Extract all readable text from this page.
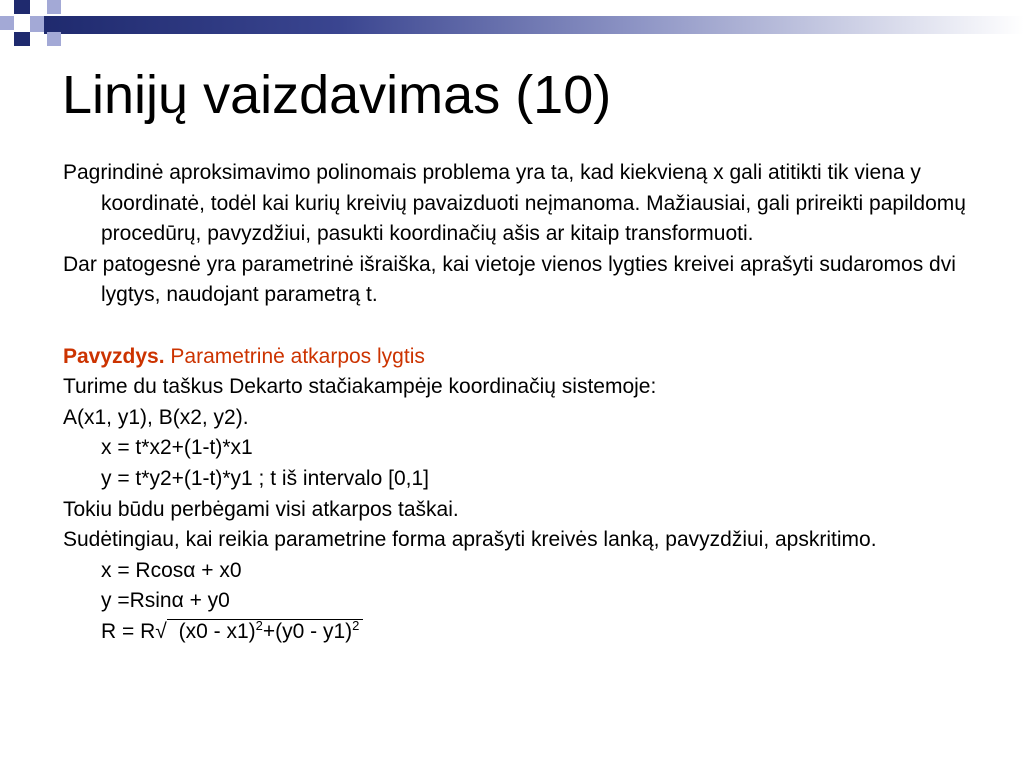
Linijų vaizdavimas (10)

Pagrindinė aproksimavimo polinomais problema yra ta, kad kiekvieną x gali atitikti tik viena y koordinatė, todėl kai kurių kreivių pavaizduoti neįmanoma. Mažiausiai, gali prireikti papildomų procedūrų, pavyzdžiui, pasukti koordinačių ašis ar kitaip transformuoti.

Dar patogesnė yra parametrinė išraiška, kai vietoje vienos lygties kreivei aprašyti sudaromos dvi lygtys, naudojant parametrą t.

Pavyzdys. Parametrinė atkarpos lygtis

Turime du taškus Dekarto stačiakampėje koordinačių sistemoje:

A(x1, y1), B(x2, y2).

x = t*x2+(1-t)*x1

y = t*y2+(1-t)*y1 ; t iš intervalo [0,1]

Tokiu būdu perbėgami visi atkarpos taškai.

Sudėtingiau, kai reikia parametrine forma aprašyti kreivės lanką, pavyzdžiui, apskritimo.

x = Rcosα + x0

y =Rsinα + y0

R = R√ (x0 - x1)$^2$+(y0 - y1)$^2$
